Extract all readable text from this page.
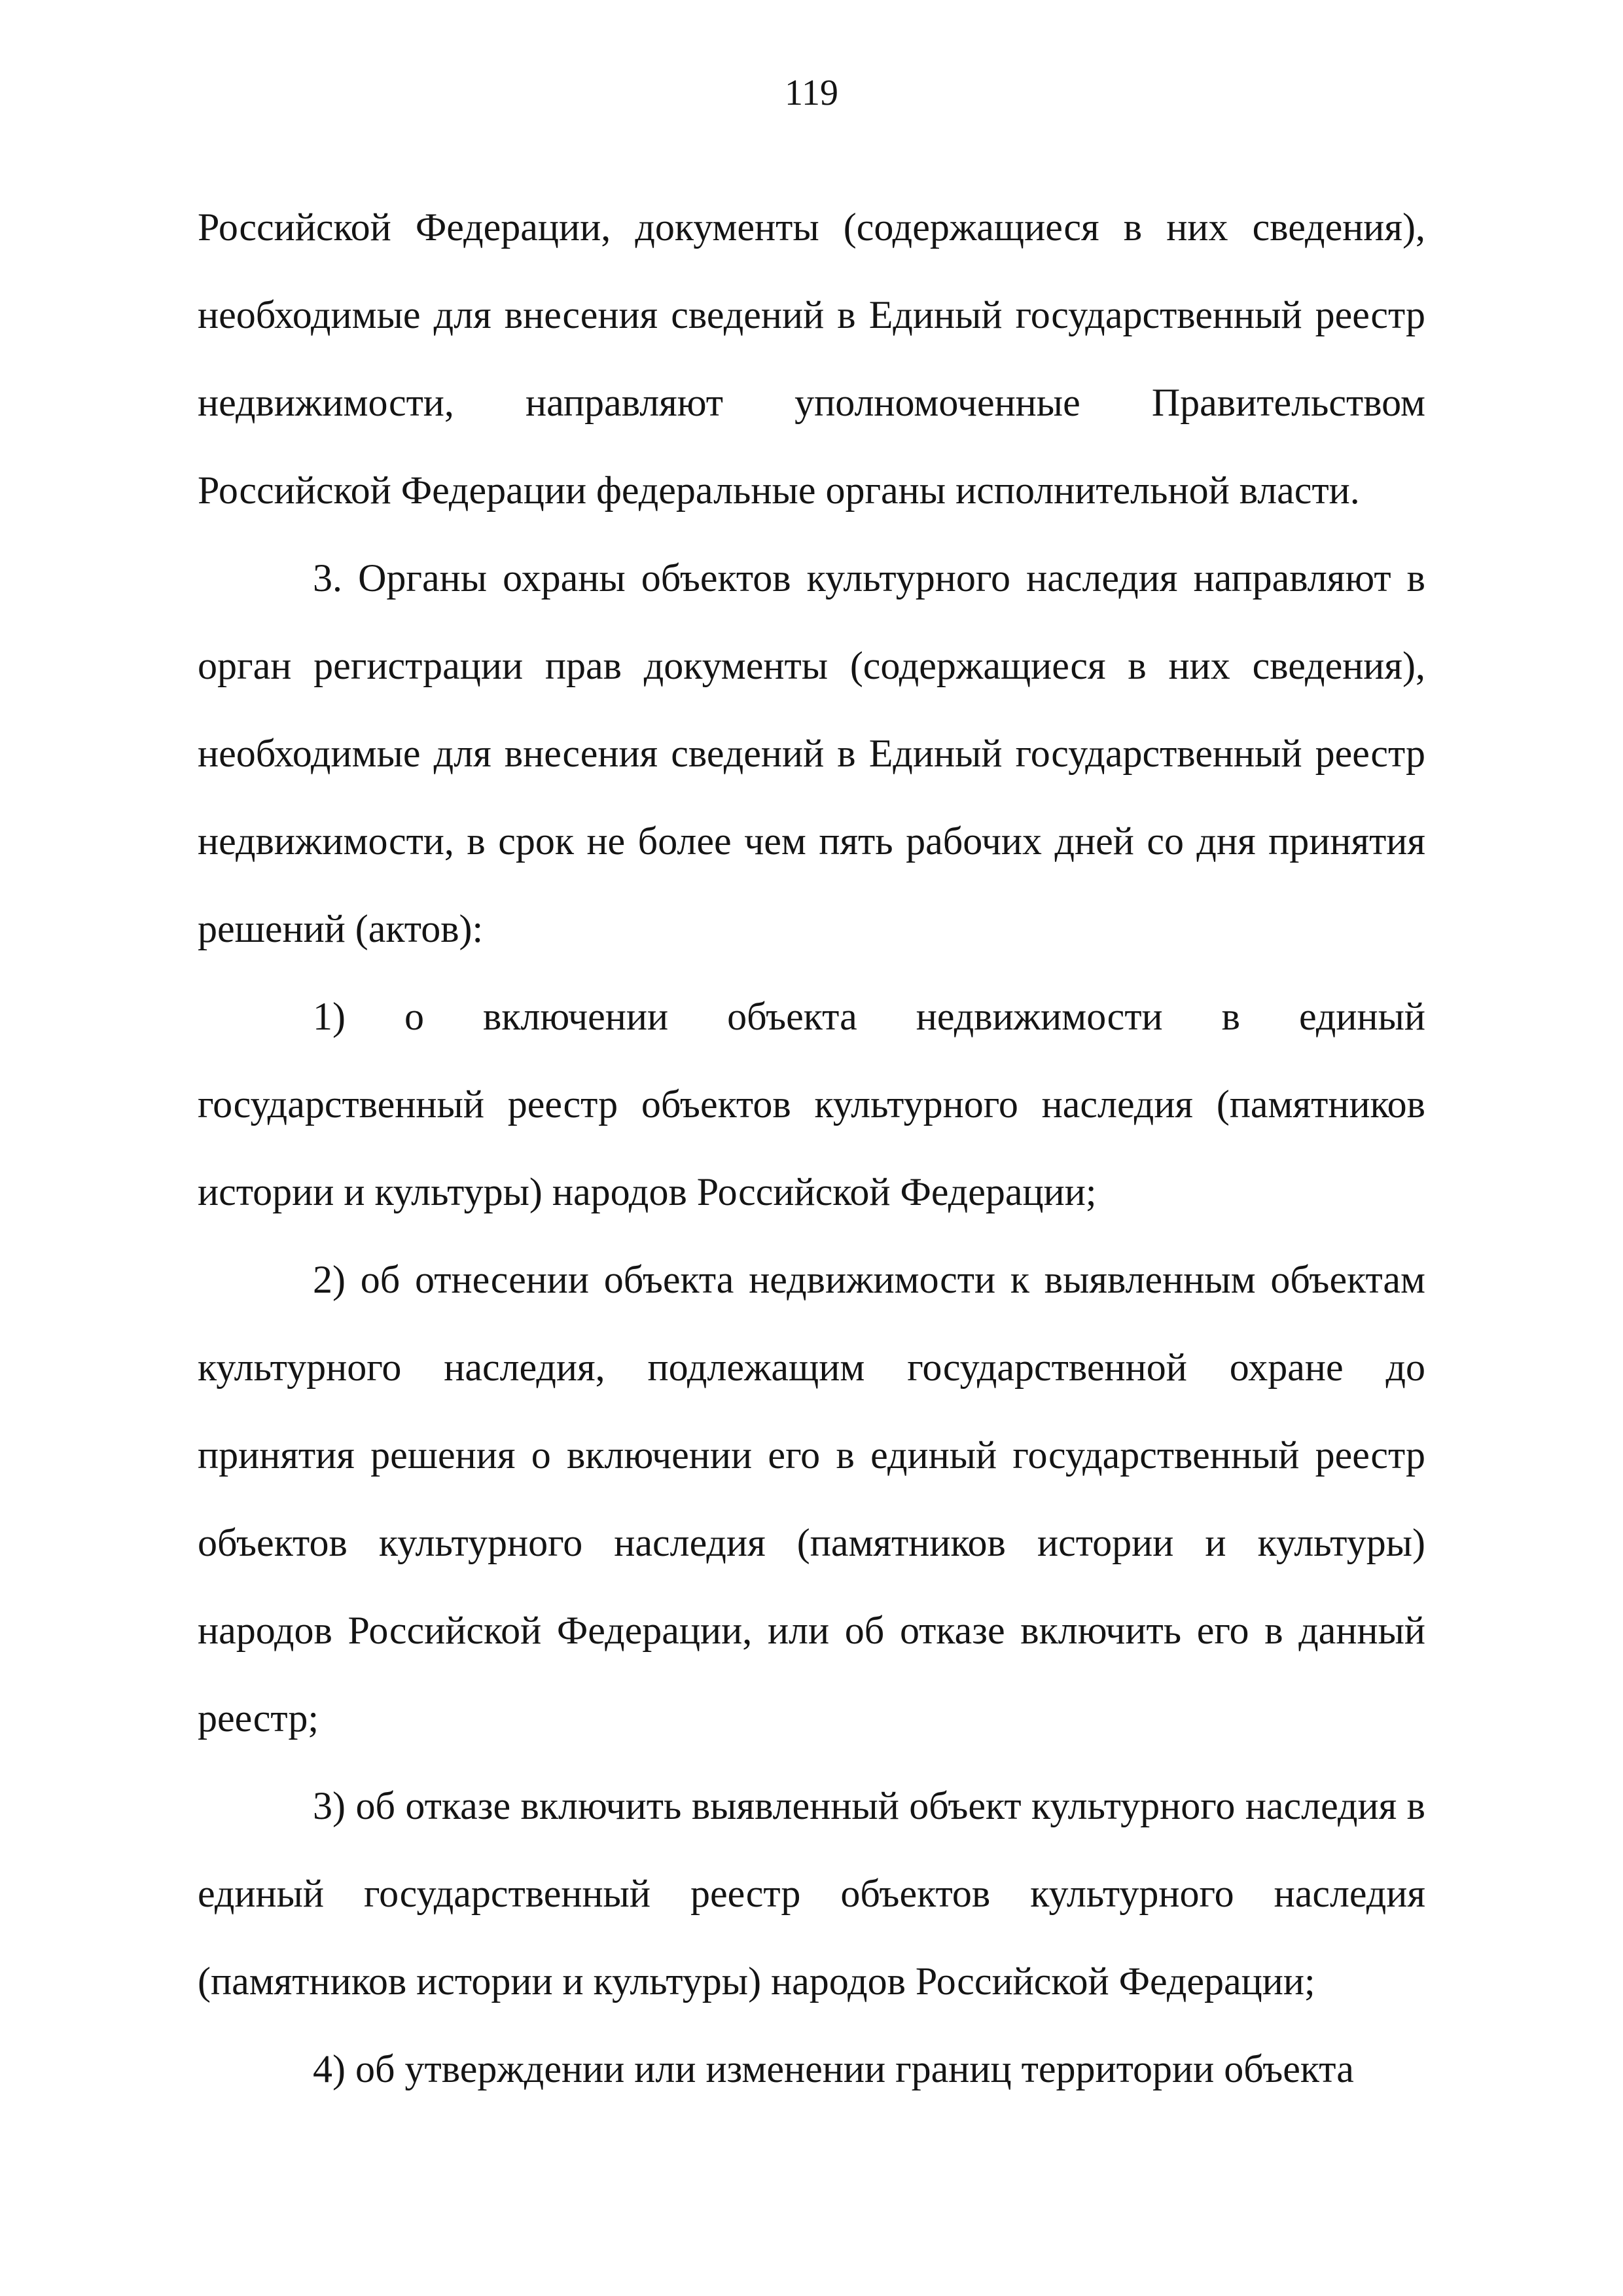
119

Российской Федерации, документы (содержащиеся в них сведения), необходимые для внесения сведений в Единый государственный реестр недвижимости, направляют уполномоченные Правительством Российской Федерации федеральные органы исполнительной власти.

3. Органы охраны объектов культурного наследия направляют в орган регистрации прав документы (содержащиеся в них сведения), необходимые для внесения сведений в Единый государственный реестр недвижимости, в срок не более чем пять рабочих дней со дня принятия решений (актов):

1) о включении объекта недвижимости в единый государственный реестр объектов культурного наследия (памятников истории и культуры) народов Российской Федерации;

2) об отнесении объекта недвижимости к выявленным объектам культурного наследия, подлежащим государственной охране до принятия решения о включении его в единый государственный реестр объектов культурного наследия (памятников истории и культуры) народов Российской Федерации, или об отказе включить его в данный реестр;

3) об отказе включить выявленный объект культурного наследия в единый государственный реестр объектов культурного наследия (памятников истории и культуры) народов Российской Федерации;

4) об утверждении или изменении границ территории объекта
